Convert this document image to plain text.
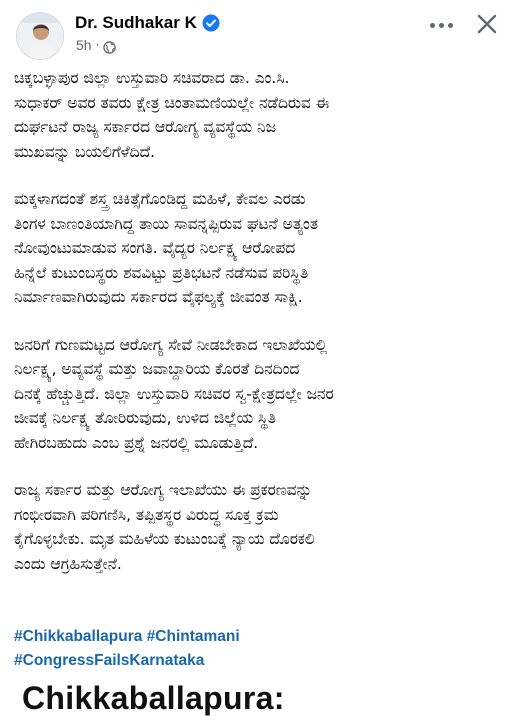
Dr. Sudhakar K
5h ·

ಚಿಕ್ಕಬಳ್ಳಾಪುರ ಜಿಲ್ಲಾ ಉಸ್ತುವಾರಿ ಸಚಿವರಾದ ಡಾ. ಎಂ.ಸಿ.
ಸುಧಾಕರ್ ಅವರ ತವರು ಕ್ಷೇತ್ರ ಚಿಂತಾಮಣಿಯಲ್ಲೇ ನಡೆದಿರುವ ಈ
ದುರ್ಘಟನೆ ರಾಜ್ಯ ಸರ್ಕಾರದ ಆರೋಗ್ಯ ವ್ಯವಸ್ಥೆಯ ನಿಜ
ಮುಖವನ್ನು ಬಯಲಿಗೆಳೆದಿದೆ.

ಮಕ್ಕಳಾಗದಂತೆ ಶಸ್ತ್ರ ಚಿಕಿತ್ಸೆಗೊಂಡಿದ್ದ ಮಹಿಳೆ, ಕೇವಲ ಎರಡು
ತಿಂಗಳ ಬಾಣಂತಿಯಾಗಿದ್ದ ತಾಯಿ ಸಾವನ್ನಪ್ಪಿರುವ ಘಟನೆ ಅತ್ಯಂತ
ನೋವುಂಟುಮಾಡುವ ಸಂಗತಿ. ವೈದ್ಯರ ನಿರ್ಲಕ್ಷ್ಯ ಆರೋಪದ
ಹಿನ್ನೆಲೆ ಕುಟುಂಬಸ್ಥರು ಶವವಿಟ್ಟು ಪ್ರತಿಭಟನೆ ನಡೆಸುವ ಪರಿಸ್ಥಿತಿ
ನಿರ್ಮಾಣವಾಗಿರುವುದು ಸರ್ಕಾರದ ವೈಫಲ್ಯಕ್ಕೆ ಜೀವಂತ ಸಾಕ್ಷಿ.

ಜನರಿಗೆ ಗುಣಮಟ್ಟದ ಆರೋಗ್ಯ ಸೇವೆ ನೀಡಬೇಕಾದ ಇಲಾಖೆಯಲ್ಲಿ
ನಿರ್ಲಕ್ಷ್ಯ, ಅವ್ಯವಸ್ಥೆ ಮತ್ತು ಜವಾಬ್ದಾರಿಯ ಕೊರತೆ ದಿನದಿಂದ
ದಿನಕ್ಕೆ ಹೆಚ್ಚುತ್ತಿದೆ. ಜಿಲ್ಲಾ ಉಸ್ತುವಾರಿ ಸಚಿವರ ಸ್ವ-ಕ್ಷೇತ್ರದಲ್ಲೇ ಜನರ
ಜೀವಕ್ಕೆ ನಿರ್ಲಕ್ಷ್ಯ ತೋರಿರುವುದು, ಉಳಿದ ಜಿಲ್ಲೆಯ ಸ್ಥಿತಿ
ಹೇಗಿರಬಹುದು ಎಂಬ ಪ್ರಶ್ನೆ ಜನರಲ್ಲಿ ಮೂಡುತ್ತಿದೆ.

ರಾಜ್ಯ ಸರ್ಕಾರ ಮತ್ತು ಆರೋಗ್ಯ ಇಲಾಖೆಯು ಈ ಪ್ರಕರಣವನ್ನು
ಗಂಭೀರವಾಗಿ ಪರಿಗಣಿಸಿ, ತಪ್ಪಿತಸ್ಥರ ವಿರುದ್ಧ ಸೂಕ್ತ ಕ್ರಮ
ಕೈಗೊಳ್ಳಬೇಕು. ಮೃತ ಮಹಿಳೆಯ ಕುಟುಂಬಕ್ಕೆ ನ್ಯಾಯ ದೊರಕಲಿ
ಎಂದು ಆಗ್ರಹಿಸುತ್ತೇನೆ.

#Chikkaballapura #Chintamani
#CongressFailsKarnataka
Chikkaballapura:
